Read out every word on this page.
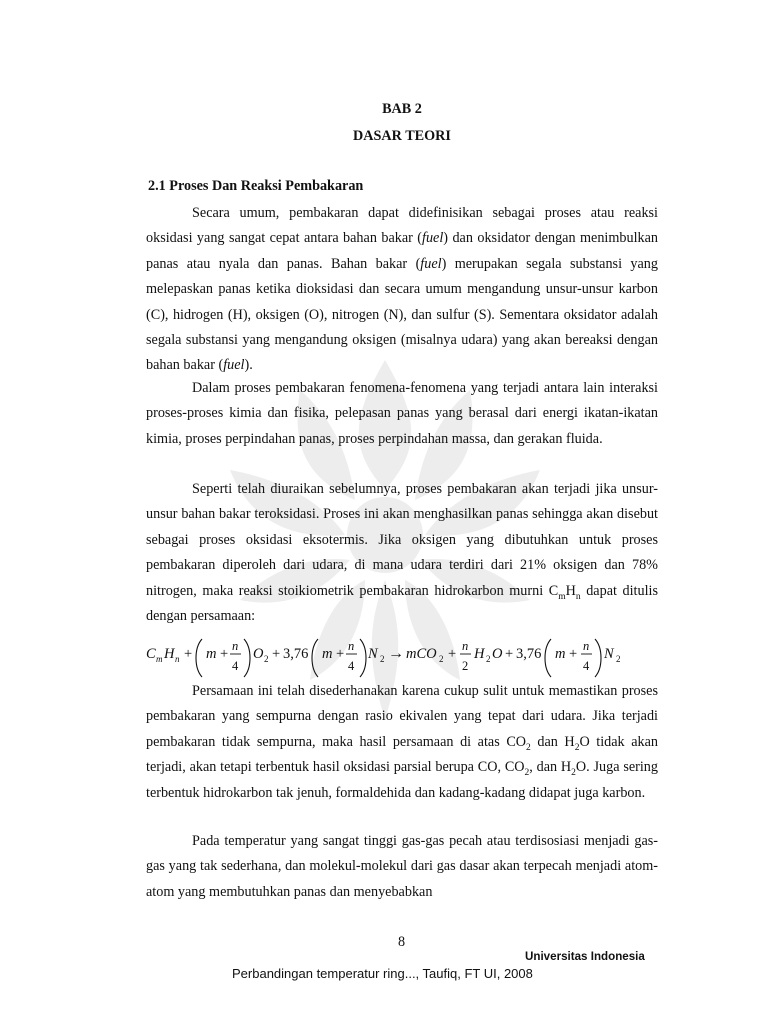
BAB 2

DASAR TEORI

2.1 Proses Dan Reaksi Pembakaran

Secara umum, pembakaran dapat didefinisikan sebagai proses atau reaksi oksidasi yang sangat cepat antara bahan bakar (fuel) dan oksidator dengan menimbulkan panas atau nyala dan panas. Bahan bakar (fuel) merupakan segala substansi yang melepaskan panas ketika dioksidasi dan secara umum mengandung unsur-unsur karbon (C), hidrogen (H), oksigen (O), nitrogen (N), dan sulfur (S). Sementara oksidator adalah segala substansi yang mengandung oksigen (misalnya udara) yang akan bereaksi dengan bahan bakar (fuel).

Dalam proses pembakaran fenomena-fenomena yang terjadi antara lain interaksi proses-proses kimia dan fisika, pelepasan panas yang berasal dari energi ikatan-ikatan kimia, proses perpindahan panas, proses perpindahan massa, dan gerakan fluida.

Seperti telah diuraikan sebelumnya, proses pembakaran akan terjadi jika unsur-unsur bahan bakar teroksidasi. Proses ini akan menghasilkan panas sehingga akan disebut sebagai proses oksidasi eksotermis. Jika oksigen yang dibutuhkan untuk proses pembakaran diperoleh dari udara, di mana udara terdiri dari 21% oksigen dan 78% nitrogen, maka reaksi stoikiometrik pembakaran hidrokarbon murni $C_mH_n$ dapat ditulis dengan persamaan:

C m H n + m + n
4
O 2 + 3,76 m + n
4
N 2 → mCO 2 + n
2
H 2 O + 3,76 m + n
4
N 2

Persamaan ini telah disederhanakan karena cukup sulit untuk memastikan proses pembakaran yang sempurna dengan rasio ekivalen yang tepat dari udara. Jika terjadi pembakaran tidak sempurna, maka hasil persamaan di atas $CO_2$ dan $H_2O$ tidak akan terjadi, akan tetapi terbentuk hasil oksidasi parsial berupa CO, $CO_2$, dan $H_2O$. Juga sering terbentuk hidrokarbon tak jenuh, formaldehida dan kadang-kadang didapat juga karbon.

Pada temperatur yang sangat tinggi gas-gas pecah atau terdisosiasi menjadi gas-gas yang tak sederhana, dan molekul-molekul dari gas dasar akan terpecah menjadi atom-atom yang membutuhkan panas dan menyebabkan

8
Universitas Indonesia
Perbandingan temperatur ring..., Taufiq, FT UI, 2008
